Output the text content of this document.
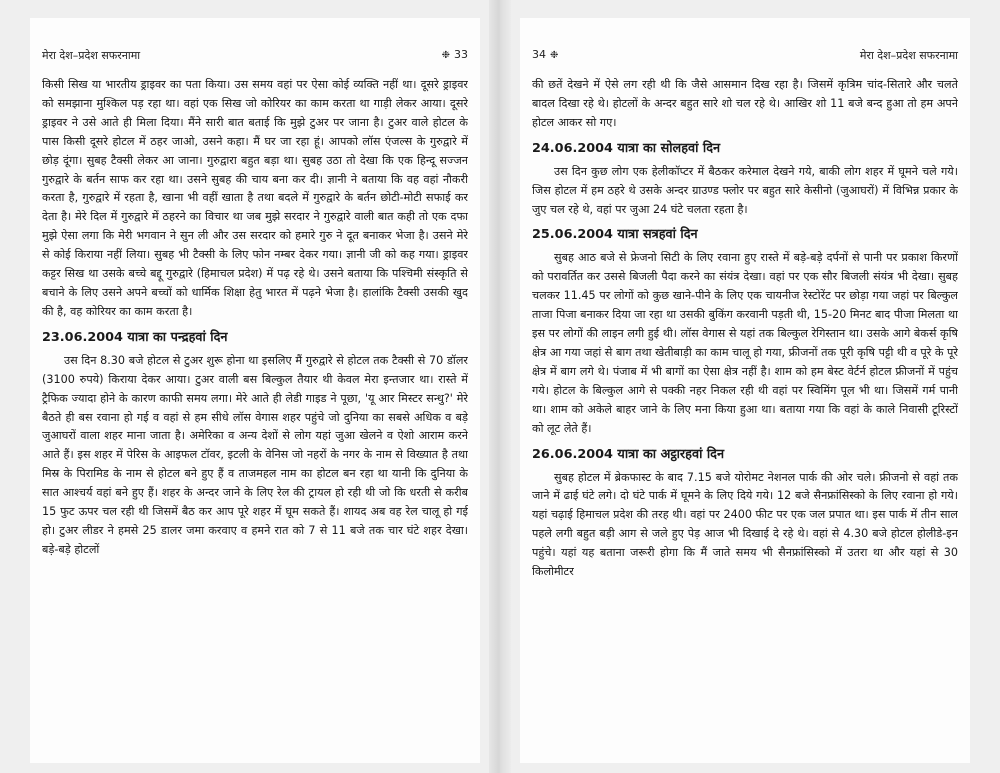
मेरा देश–प्रदेश सफरनामा	❉ 33

किसी सिख या भारतीय ड्राइवर का पता किया। उस समय वहां पर ऐसा कोई व्यक्ति नहीं था। दूसरे ड्राइवर को समझाना मुश्किल पड़ रहा था। वहां एक सिख जो कोरियर का काम करता था गाड़ी लेकर आया। दूसरे ड्राइवर ने उसे आते ही मिला दिया। मैंने सारी बात बताई कि मुझे टुअर पर जाना है। टुअर वाले होटल के पास किसी दूसरे होटल में ठहर जाओ, उसने कहा। मैं घर जा रहा हूं। आपको लॉस एंजल्स के गुरुद्वारे में छोड़ दूंगा। सुबह टैक्सी लेकर आ जाना। गुरुद्वारा बहुत बड़ा था। सुबह उठा तो देखा कि एक हिन्दू सज्जन गुरुद्वारे के बर्तन साफ कर रहा था। उसने सुबह की चाय बना कर दी। ज्ञानी ने बताया कि वह वहां नौकरी करता है, गुरुद्वारे में रहता है, खाना भी वहीं खाता है तथा बदले में गुरुद्वारे के बर्तन छोटी-मोटी सफाई कर देता है। मेरे दिल में गुरुद्वारे में ठहरने का विचार था जब मुझे सरदार ने गुरुद्वारे वाली बात कही तो एक दफा मुझे ऐसा लगा कि मेरी भगवान ने सुन ली और उस सरदार को हमारे गुरु ने दूत बनाकर भेजा है। उसने मेरे से कोई किराया नहीं लिया। सुबह भी टैक्सी के लिए फोन नम्बर देकर गया। ज्ञानी जी को कह गया। ड्राइवर कट्टर सिख था उसके बच्चे बद्दू गुरुद्वारे (हिमाचल प्रदेश) में पढ़ रहे थे। उसने बताया कि पश्चिमी संस्कृति से बचाने के लिए उसने अपने बच्चों को धार्मिक शिक्षा हेतु भारत में पढ़ने भेजा है। हालांकि टैक्सी उसकी खुद की है, वह कोरियर का काम करता है।

23.06.2004 यात्रा का पन्द्रहवां दिन

उस दिन 8.30 बजे होटल से टुअर शुरू होना था इसलिए मैं गुरुद्वारे से होटल तक टैक्सी से 70 डॉलर (3100 रुपये) किराया देकर आया। टुअर वाली बस बिल्कुल तैयार थी केवल मेरा इन्तजार था। रास्ते में ट्रैफिक ज्यादा होने के कारण काफी समय लगा। मेरे आते ही लेडी गाइड ने पूछा, 'यू आर मिस्टर सन्धु?' मेरे बैठते ही बस रवाना हो गई व वहां से हम सीधे लॉस वेगास शहर पहुंचे जो दुनिया का सबसे अधिक व बड़े जुआघरों वाला शहर माना जाता है। अमेरिका व अन्य देशों से लोग यहां जुआ खेलने व ऐशो आराम करने आते हैं। इस शहर में पेरिस के आइफल टॉवर, इटली के वेनिस जो नहरों के नगर के नाम से विख्यात है तथा मिस्र के पिरामिड के नाम से होटल बने हुए हैं व ताजमहल नाम का होटल बन रहा था यानी कि दुनिया के सात आश्चर्य वहां बने हुए हैं। शहर के अन्दर जाने के लिए रेल की ट्रायल हो रही थी जो कि धरती से करीब 15 फुट ऊपर चल रही थी जिसमें बैठ कर आप पूरे शहर में घूम सकते हैं। शायद अब वह रेल चालू हो गई हो। टुअर लीडर ने हमसे 25 डालर जमा करवाए व हमने रात को 7 से 11 बजे तक चार घंटे शहर देखा। बड़े-बड़े होटलों

34 ❉	मेरा देश–प्रदेश सफरनामा

की छतें देखने में ऐसे लग रही थी कि जैसे आसमान दिख रहा है। जिसमें कृत्रिम चांद-सितारे और चलते बादल दिखा रहे थे। होटलों के अन्दर बहुत सारे शो चल रहे थे। आखिर शो 11 बजे बन्द हुआ तो हम अपने होटल आकर सो गए।

24.06.2004 यात्रा का सोलहवां दिन

उस दिन कुछ लोग एक हेलीकॉप्टर में बैठकर करेमाल देखने गये, बाकी लोग शहर में घूमने चले गये। जिस होटल में हम ठहरे थे उसके अन्दर ग्राउण्ड फ्लोर पर बहुत सारे केसीनो (जुआघरों) में विभिन्न प्रकार के जुए चल रहे थे, वहां पर जुआ 24 घंटे चलता रहता है।

25.06.2004 यात्रा सत्रहवां दिन

सुबह आठ बजे से फ्रेजनो सिटी के लिए रवाना हुए रास्ते में बड़े-बड़े दर्पनों से पानी पर प्रकाश किरणों को परावर्तित कर उससे बिजली पैदा करने का संयंत्र देखा। वहां पर एक सौर बिजली संयंत्र भी देखा। सुबह चलकर 11.45 पर लोगों को कुछ खाने-पीने के लिए एक चायनीज रेस्टोरेंट पर छोड़ा गया जहां पर बिल्कुल ताजा पिजा बनाकर दिया जा रहा था उसकी बुकिंग करवानी पड़ती थी, 15-20 मिनट बाद पीजा मिलता था इस पर लोगों की लाइन लगी हुई थी। लॉस वेगास से यहां तक बिल्कुल रेगिस्तान था। उसके आगे बेकर्स कृषि क्षेत्र आ गया जहां से बाग तथा खेतीबाड़ी का काम चालू हो गया, फ्रीजनों तक पूरी कृषि पट्टी थी व पूरे के पूरे क्षेत्र में बाग लगे थे। पंजाब में भी बागों का ऐसा क्षेत्र नहीं है। शाम को हम बेस्ट वेर्टर्न होटल फ्रीजनों में पहुंच गये। होटल के बिल्कुल आगे से पक्की नहर निकल रही थी वहां पर स्विमिंग पूल भी था। जिसमें गर्म पानी था। शाम को अकेले बाहर जाने के लिए मना किया हुआ था। बताया गया कि वहां के काले निवासी टूरिस्टों को लूट लेते हैं।

26.06.2004 यात्रा का अट्ठारहवां दिन

सुबह होटल में ब्रेकफास्ट के बाद 7.15 बजे योरोमट नेशनल पार्क की ओर चले। फ्रीजनो से वहां तक जाने में ढाई घंटे लगे। दो घंटे पार्क में घूमने के लिए दिये गये। 12 बजे सैनफ्रांसिस्को के लिए रवाना हो गये। यहां चढ़ाई हिमाचल प्रदेश की तरह थी। वहां पर 2400 फीट पर एक जल प्रपात था। इस पार्क में तीन साल पहले लगी बहुत बड़ी आग से जले हुए पेड़ आज भी दिखाई दे रहे थे। वहां से 4.30 बजे होटल होलीडे-इन पहुंचे। यहां यह बताना जरूरी होगा कि मैं जाते समय भी सैनफ्रांसिस्को में उतरा था और यहां से 30 किलोमीटर
